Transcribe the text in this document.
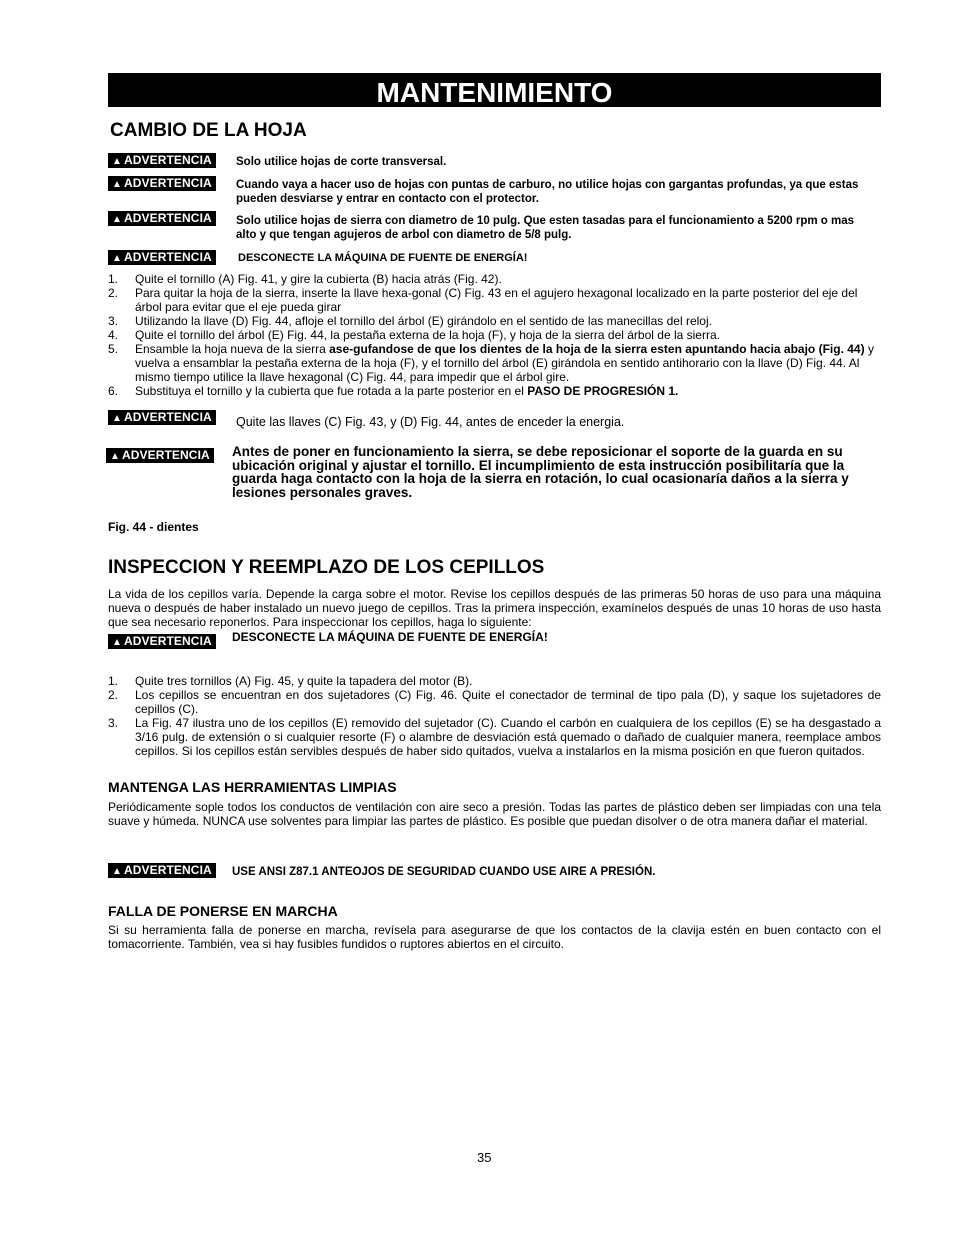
MANTENIMIENTO
CAMBIO DE LA HOJA
▲ ADVERTENCIA	Solo utilice hojas de corte transversal.
▲ ADVERTENCIA	Cuando vaya a hacer uso de hojas con puntas de carburo, no utilice hojas con gargantas profundas, ya que estas pueden desviarse y entrar en contacto con el protector.
▲ ADVERTENCIA	Solo utilice hojas de sierra con diametro de 10 pulg. Que esten tasadas para el funcionamiento a 5200 rpm o mas alto y que tengan agujeros de arbol con diametro de 5/8 pulg.
▲ ADVERTENCIA	DESCONECTE LA MÁQUINA DE FUENTE DE ENERGÍA!
1. Quite el tornillo (A) Fig. 41, y gire la cubierta (B) hacia atrás (Fig. 42).
2. Para quitar la hoja de la sierra, inserte la llave hexa-gonal (C) Fig. 43 en el agujero hexagonal localizado en la parte posterior del eje del árbol para evitar que el eje pueda girar
3. Utilizando la llave (D) Fig. 44, afloje el tornillo del árbol (E) girándolo en el sentido de las manecillas del reloj.
4. Quite el tornillo del árbol (E) Fig. 44, la pestaña externa de la hoja (F), y hoja de la sierra del árbol de la sierra.
5. Ensamble la hoja nueva de la sierra ase-gufandose de que los dientes de la hoja de la sierra esten apuntando hacia abajo (Fig. 44) y vuelva a ensamblar la pestaña externa de la hoja (F), y el tornillo del árbol (E) girándola en sentido antihorario con la llave (D) Fig. 44. Al mismo tiempo utilice la llave hexagonal (C) Fig. 44, para impedir que el árbol gire.
6. Substituya el tornillo y la cubierta que fue rotada a la parte posterior en el PASO DE PROGRESIÓN 1.
▲ ADVERTENCIA	Quite las llaves (C) Fig. 43, y (D) Fig. 44, antes de enceder la energia.
▲ ADVERTENCIA Antes de poner en funcionamiento la sierra, se debe reposicionar el soporte de la guarda en su ubicación original y ajustar el tornillo. El incumplimiento de esta instrucción posibilitaría que la guarda haga contacto con la hoja de la sierra en rotación, lo cual ocasionaría daños a la sierra y lesiones personales graves.
Fig. 44 - dientes
INSPECCION Y REEMPLAZO DE LOS CEPILLOS
La vida de los cepillos varía. Depende la carga sobre el motor. Revise los cepillos después de las primeras 50 horas de uso para una máquina nueva o después de haber instalado un nuevo juego de cepillos. Tras la primera inspección, examínelos después de unas 10 horas de uso hasta que sea necesario reponerlos. Para inspeccionar los cepillos, haga lo siguiente:
▲ ADVERTENCIA	DESCONECTE LA MÁQUINA DE FUENTE DE ENERGÍA!
1. Quite tres tornillos (A) Fig. 45, y quite la tapadera del motor (B).
2. Los cepillos se encuentran en dos sujetadores (C) Fig. 46. Quite el conectador de terminal de tipo pala (D), y saque los sujetadores de cepillos (C).
3. La Fig. 47 ilustra uno de los cepillos (E) removido del sujetador (C). Cuando el carbón en cualquiera de los cepillos (E) se ha desgastado a 3/16 pulg. de extensión o si cualquier resorte (F) o alambre de desviación está quemado o dañado de cualquier manera, reemplace ambos cepillos. Si los cepillos están servibles después de haber sido quitados, vuelva a instalarlos en la misma posición en que fueron quitados.
MANTENGA LAS HERRAMIENTAS LIMPIAS
Periódicamente sople todos los conductos de ventilación con aire seco a presión. Todas las partes de plástico deben ser limpiadas con una tela suave y húmeda. NUNCA use solventes para limpiar las partes de plástico. Es posible que puedan disolver o de otra manera dañar el material.
▲ ADVERTENCIA	USE ANSI Z87.1 ANTEOJOS DE SEGURIDAD CUANDO USE AIRE A PRESIÓN.
FALLA DE PONERSE EN MARCHA
Si su herramienta falla de ponerse en marcha, revísela para asegurarse de que los contactos de la clavija estén en buen contacto con el tomacorriente. También, vea si hay fusibles fundidos o ruptores abiertos en el circuito.
35
